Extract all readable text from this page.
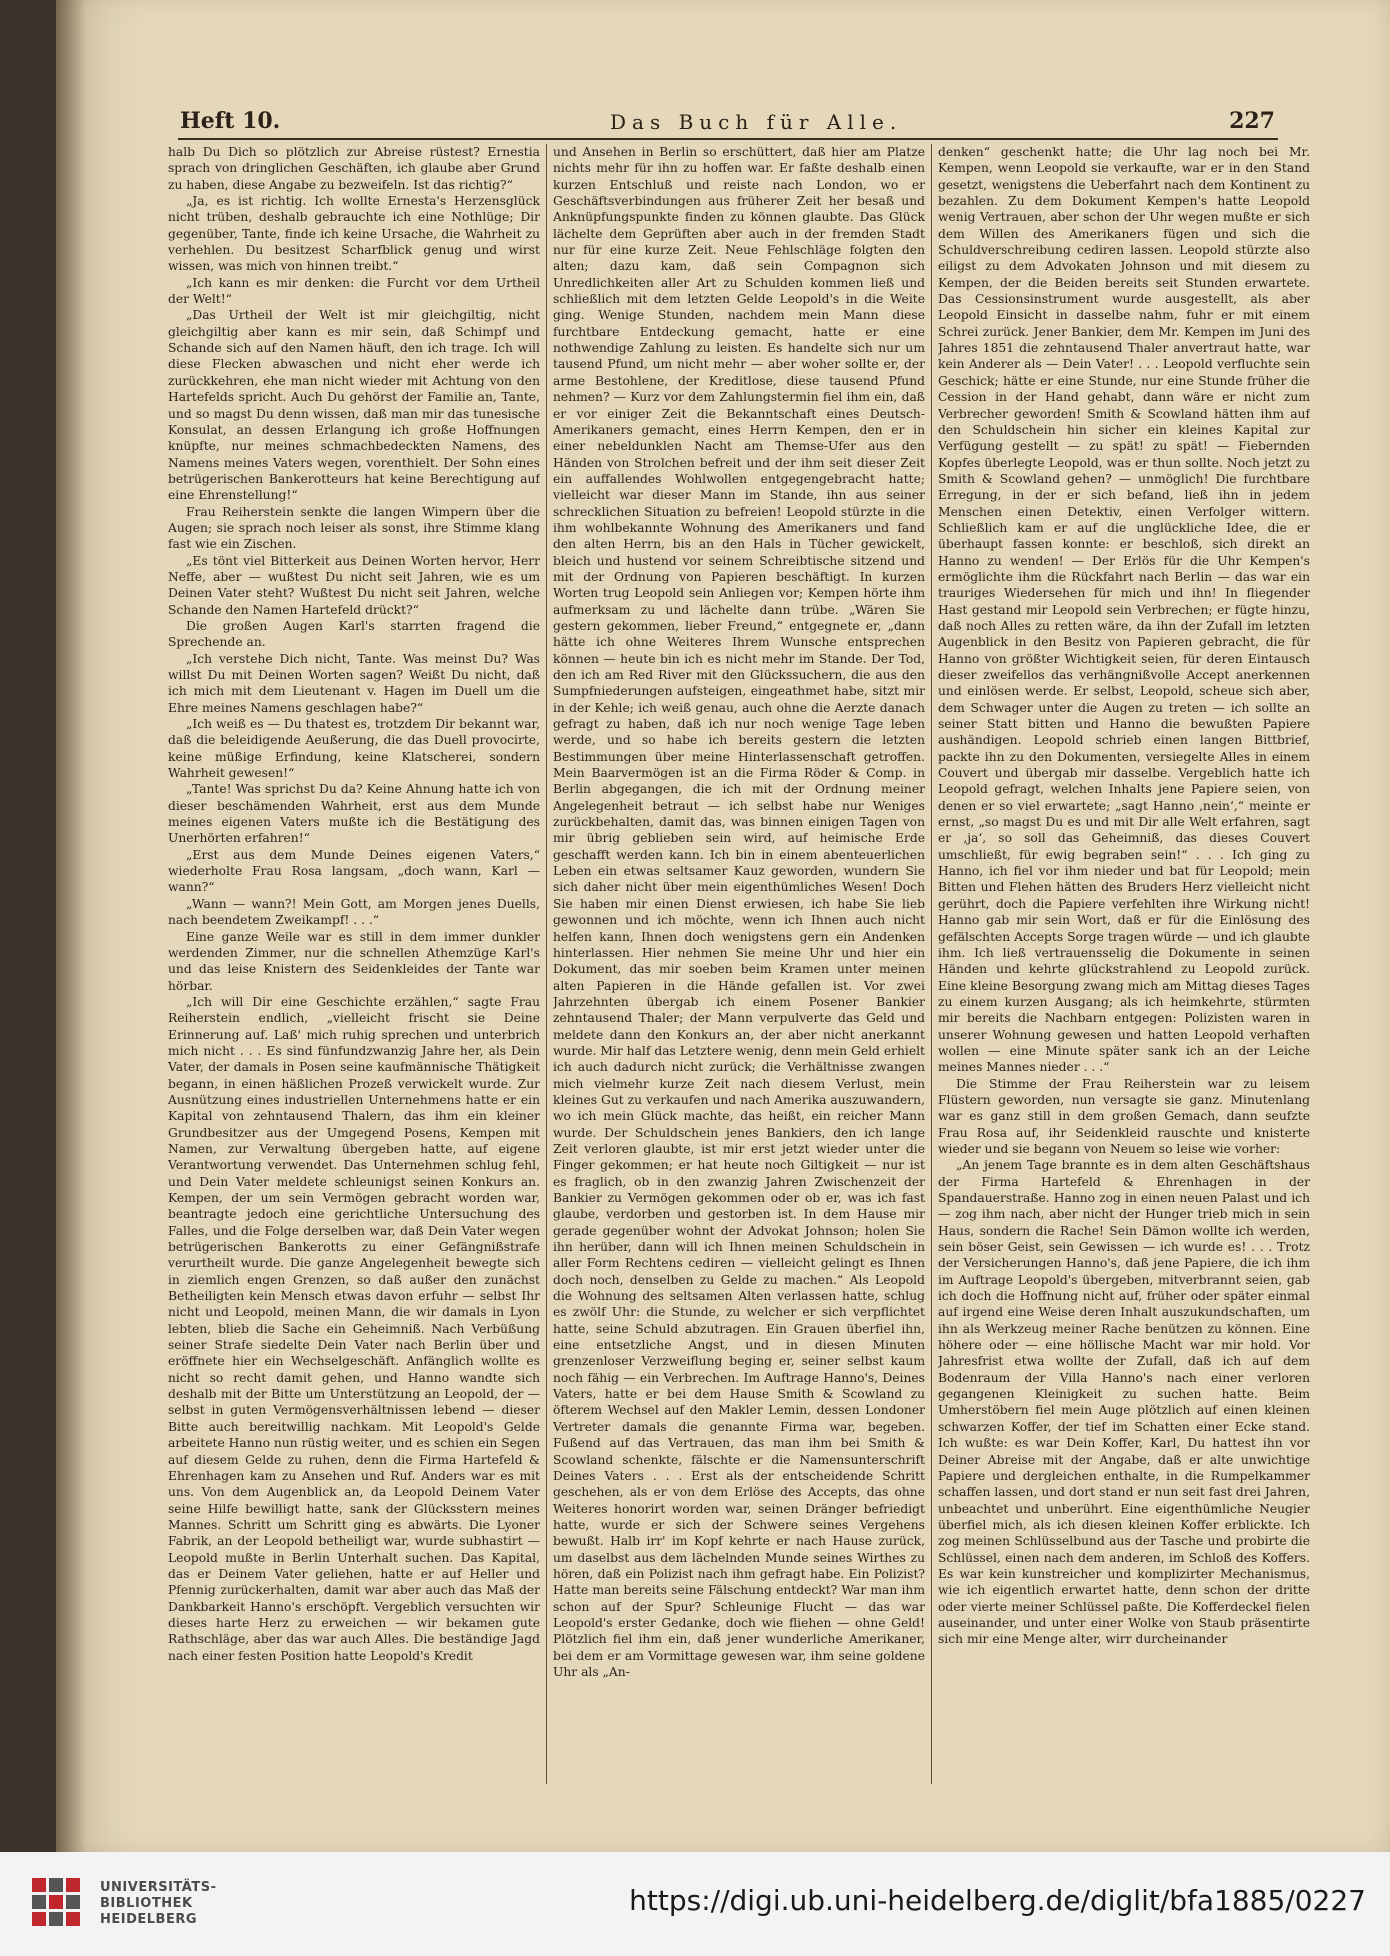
Heft 10.	Das Buch für Alle.	227

halb Du Dich so plötzlich zur Abreise rüstest? Ernestia sprach von dringlichen Geschäften, ich glaube aber Grund zu haben, diese Angabe zu bezweifeln. Ist das richtig?“

„Ja, es ist richtig. Ich wollte Ernesta's Herzensglück nicht trüben, deshalb gebrauchte ich eine Nothlüge; Dir gegenüber, Tante, finde ich keine Ursache, die Wahrheit zu verhehlen. Du besitzest Scharfblick genug und wirst wissen, was mich von hinnen treibt.“

„Ich kann es mir denken: die Furcht vor dem Urtheil der Welt!“

„Das Urtheil der Welt ist mir gleichgiltig, nicht gleichgiltig aber kann es mir sein, daß Schimpf und Schande sich auf den Namen häuft, den ich trage. Ich will diese Flecken abwaschen und nicht eher werde ich zurückkehren, ehe man nicht wieder mit Achtung von den Hartefelds spricht. Auch Du gehörst der Familie an, Tante, und so magst Du denn wissen, daß man mir das tunesische Konsulat, an dessen Erlangung ich große Hoffnungen knüpfte, nur meines schmachbedeckten Namens, des Namens meines Vaters wegen, vorenthielt. Der Sohn eines betrügerischen Bankerotteurs hat keine Berechtigung auf eine Ehrenstellung!“

Frau Reiherstein senkte die langen Wimpern über die Augen; sie sprach noch leiser als sonst, ihre Stimme klang fast wie ein Zischen.

„Es tönt viel Bitterkeit aus Deinen Worten hervor, Herr Neffe, aber — wußtest Du nicht seit Jahren, wie es um Deinen Vater steht? Wußtest Du nicht seit Jahren, welche Schande den Namen Hartefeld drückt?“

Die großen Augen Karl's starrten fragend die Sprechende an.

„Ich verstehe Dich nicht, Tante. Was meinst Du? Was willst Du mit Deinen Worten sagen? Weißt Du nicht, daß ich mich mit dem Lieutenant v. Hagen im Duell um die Ehre meines Namens geschlagen habe?“

„Ich weiß es — Du thatest es, trotzdem Dir bekannt war, daß die beleidigende Aeußerung, die das Duell provocirte, keine müßige Erfindung, keine Klatscherei, sondern Wahrheit gewesen!“

„Tante! Was sprichst Du da? Keine Ahnung hatte ich von dieser beschämenden Wahrheit, erst aus dem Munde meines eigenen Vaters mußte ich die Bestätigung des Unerhörten erfahren!“

„Erst aus dem Munde Deines eigenen Vaters,“ wiederholte Frau Rosa langsam, „doch wann, Karl — wann?“

„Wann — wann?! Mein Gott, am Morgen jenes Duells, nach beendetem Zweikampf! . . .“

Eine ganze Weile war es still in dem immer dunkler werdenden Zimmer, nur die schnellen Athemzüge Karl's und das leise Knistern des Seidenkleides der Tante war hörbar.

„Ich will Dir eine Geschichte erzählen,“ sagte Frau Reiherstein endlich, „vielleicht frischt sie Deine Erinnerung auf. Laß' mich ruhig sprechen und unterbrich mich nicht . . . Es sind fünfundzwanzig Jahre her, als Dein Vater, der damals in Posen seine kaufmännische Thätigkeit begann, in einen häßlichen Prozeß verwickelt wurde. Zur Ausnützung eines industriellen Unternehmens hatte er ein Kapital von zehntausend Thalern, das ihm ein kleiner Grundbesitzer aus der Umgegend Posens, Kempen mit Namen, zur Verwaltung übergeben hatte, auf eigene Verantwortung verwendet. Das Unternehmen schlug fehl, und Dein Vater meldete schleunigst seinen Konkurs an. Kempen, der um sein Vermögen gebracht worden war, beantragte jedoch eine gerichtliche Untersuchung des Falles, und die Folge derselben war, daß Dein Vater wegen betrügerischen Bankerotts zu einer Gefängnißstrafe verurtheilt wurde. Die ganze Angelegenheit bewegte sich in ziemlich engen Grenzen, so daß außer den zunächst Betheiligten kein Mensch etwas davon erfuhr — selbst Ihr nicht und Leopold, meinen Mann, die wir damals in Lyon lebten, blieb die Sache ein Geheimniß. Nach Verbüßung seiner Strafe siedelte Dein Vater nach Berlin über und eröffnete hier ein Wechselgeschäft. Anfänglich wollte es nicht so recht damit gehen, und Hanno wandte sich deshalb mit der Bitte um Unterstützung an Leopold, der — selbst in guten Vermögensverhältnissen lebend — dieser Bitte auch bereitwillig nachkam. Mit Leopold's Gelde arbeitete Hanno nun rüstig weiter, und es schien ein Segen auf diesem Gelde zu ruhen, denn die Firma Hartefeld & Ehrenhagen kam zu Ansehen und Ruf. Anders war es mit uns. Von dem Augenblick an, da Leopold Deinem Vater seine Hilfe bewilligt hatte, sank der Glücksstern meines Mannes. Schritt um Schritt ging es abwärts. Die Lyoner Fabrik, an der Leopold betheiligt war, wurde subhastirt — Leopold mußte in Berlin Unterhalt suchen. Das Kapital, das er Deinem Vater geliehen, hatte er auf Heller und Pfennig zurückerhalten, damit war aber auch das Maß der Dankbarkeit Hanno's erschöpft. Vergeblich versuchten wir dieses harte Herz zu erweichen — wir bekamen gute Rathschläge, aber das war auch Alles. Die beständige Jagd nach einer festen Position hatte Leopold's Kredit

und Ansehen in Berlin so erschüttert, daß hier am Platze nichts mehr für ihn zu hoffen war. Er faßte deshalb einen kurzen Entschluß und reiste nach London, wo er Geschäftsverbindungen aus früherer Zeit her besaß und Anknüpfungspunkte finden zu können glaubte. Das Glück lächelte dem Geprüften aber auch in der fremden Stadt nur für eine kurze Zeit. Neue Fehlschläge folgten den alten; dazu kam, daß sein Compagnon sich Unredlichkeiten aller Art zu Schulden kommen ließ und schließlich mit dem letzten Gelde Leopold's in die Weite ging. Wenige Stunden, nachdem mein Mann diese furchtbare Entdeckung gemacht, hatte er eine nothwendige Zahlung zu leisten. Es handelte sich nur um tausend Pfund, um nicht mehr — aber woher sollte er, der arme Bestohlene, der Kreditlose, diese tausend Pfund nehmen? — Kurz vor dem Zahlungstermin fiel ihm ein, daß er vor einiger Zeit die Bekanntschaft eines Deutsch-Amerikaners gemacht, eines Herrn Kempen, den er in einer nebeldunklen Nacht am Themse-Ufer aus den Händen von Strolchen befreit und der ihm seit dieser Zeit ein auffallendes Wohlwollen entgegengebracht hatte; vielleicht war dieser Mann im Stande, ihn aus seiner schrecklichen Situation zu befreien! Leopold stürzte in die ihm wohlbekannte Wohnung des Amerikaners und fand den alten Herrn, bis an den Hals in Tücher gewickelt, bleich und hustend vor seinem Schreibtische sitzend und mit der Ordnung von Papieren beschäftigt. In kurzen Worten trug Leopold sein Anliegen vor; Kempen hörte ihm aufmerksam zu und lächelte dann trübe. „Wären Sie gestern gekommen, lieber Freund,“ entgegnete er, „dann hätte ich ohne Weiteres Ihrem Wunsche entsprechen können — heute bin ich es nicht mehr im Stande. Der Tod, den ich am Red River mit den Glückssuchern, die aus den Sumpfniederungen aufsteigen, eingeathmet habe, sitzt mir in der Kehle; ich weiß genau, auch ohne die Aerzte danach gefragt zu haben, daß ich nur noch wenige Tage leben werde, und so habe ich bereits gestern die letzten Bestimmungen über meine Hinterlassenschaft getroffen. Mein Baarvermögen ist an die Firma Röder & Comp. in Berlin abgegangen, die ich mit der Ordnung meiner Angelegenheit betraut — ich selbst habe nur Weniges zurückbehalten, damit das, was binnen einigen Tagen von mir übrig geblieben sein wird, auf heimische Erde geschafft werden kann. Ich bin in einem abenteuerlichen Leben ein etwas seltsamer Kauz geworden, wundern Sie sich daher nicht über mein eigenthümliches Wesen! Doch Sie haben mir einen Dienst erwiesen, ich habe Sie lieb gewonnen und ich möchte, wenn ich Ihnen auch nicht helfen kann, Ihnen doch wenigstens gern ein Andenken hinterlassen. Hier nehmen Sie meine Uhr und hier ein Dokument, das mir soeben beim Kramen unter meinen alten Papieren in die Hände gefallen ist. Vor zwei Jahrzehnten übergab ich einem Posener Bankier zehntausend Thaler; der Mann verpulverte das Geld und meldete dann den Konkurs an, der aber nicht anerkannt wurde. Mir half das Letztere wenig, denn mein Geld erhielt ich auch dadurch nicht zurück; die Verhältnisse zwangen mich vielmehr kurze Zeit nach diesem Verlust, mein kleines Gut zu verkaufen und nach Amerika auszuwandern, wo ich mein Glück machte, das heißt, ein reicher Mann wurde. Der Schuldschein jenes Bankiers, den ich lange Zeit verloren glaubte, ist mir erst jetzt wieder unter die Finger gekommen; er hat heute noch Giltigkeit — nur ist es fraglich, ob in den zwanzig Jahren Zwischenzeit der Bankier zu Vermögen gekommen oder ob er, was ich fast glaube, verdorben und gestorben ist. In dem Hause mir gerade gegenüber wohnt der Advokat Johnson; holen Sie ihn herüber, dann will ich Ihnen meinen Schuldschein in aller Form Rechtens cediren — vielleicht gelingt es Ihnen doch noch, denselben zu Gelde zu machen.“ Als Leopold die Wohnung des seltsamen Alten verlassen hatte, schlug es zwölf Uhr: die Stunde, zu welcher er sich verpflichtet hatte, seine Schuld abzutragen. Ein Grauen überfiel ihn, eine entsetzliche Angst, und in diesen Minuten grenzenloser Verzweiflung beging er, seiner selbst kaum noch fähig — ein Verbrechen. Im Auftrage Hanno's, Deines Vaters, hatte er bei dem Hause Smith & Scowland zu öfterem Wechsel auf den Makler Lemin, dessen Londoner Vertreter damals die genannte Firma war, begeben. Fußend auf das Vertrauen, das man ihm bei Smith & Scowland schenkte, fälschte er die Namensunterschrift Deines Vaters . . . Erst als der entscheidende Schritt geschehen, als er von dem Erlöse des Accepts, das ohne Weiteres honorirt worden war, seinen Dränger befriedigt hatte, wurde er sich der Schwere seines Vergehens bewußt. Halb irr' im Kopf kehrte er nach Hause zurück, um daselbst aus dem lächelnden Munde seines Wirthes zu hören, daß ein Polizist nach ihm gefragt habe. Ein Polizist? Hatte man bereits seine Fälschung entdeckt? War man ihm schon auf der Spur? Schleunige Flucht — das war Leopold's erster Gedanke, doch wie fliehen — ohne Geld! Plötzlich fiel ihm ein, daß jener wunderliche Amerikaner, bei dem er am Vormittage gewesen war, ihm seine goldene Uhr als „An-

denken“ geschenkt hatte; die Uhr lag noch bei Mr. Kempen, wenn Leopold sie verkaufte, war er in den Stand gesetzt, wenigstens die Ueberfahrt nach dem Kontinent zu bezahlen. Zu dem Dokument Kempen's hatte Leopold wenig Vertrauen, aber schon der Uhr wegen mußte er sich dem Willen des Amerikaners fügen und sich die Schuldverschreibung cediren lassen. Leopold stürzte also eiligst zu dem Advokaten Johnson und mit diesem zu Kempen, der die Beiden bereits seit Stunden erwartete. Das Cessionsinstrument wurde ausgestellt, als aber Leopold Einsicht in dasselbe nahm, fuhr er mit einem Schrei zurück. Jener Bankier, dem Mr. Kempen im Juni des Jahres 1851 die zehntausend Thaler anvertraut hatte, war kein Anderer als — Dein Vater! . . . Leopold verfluchte sein Geschick; hätte er eine Stunde, nur eine Stunde früher die Cession in der Hand gehabt, dann wäre er nicht zum Verbrecher geworden! Smith & Scowland hätten ihm auf den Schuldschein hin sicher ein kleines Kapital zur Verfügung gestellt — zu spät! zu spät! — Fiebernden Kopfes überlegte Leopold, was er thun sollte. Noch jetzt zu Smith & Scowland gehen? — unmöglich! Die furchtbare Erregung, in der er sich befand, ließ ihn in jedem Menschen einen Detektiv, einen Verfolger wittern. Schließlich kam er auf die unglückliche Idee, die er überhaupt fassen konnte: er beschloß, sich direkt an Hanno zu wenden! — Der Erlös für die Uhr Kempen's ermöglichte ihm die Rückfahrt nach Berlin — das war ein trauriges Wiedersehen für mich und ihn! In fliegender Hast gestand mir Leopold sein Verbrechen; er fügte hinzu, daß noch Alles zu retten wäre, da ihn der Zufall im letzten Augenblick in den Besitz von Papieren gebracht, die für Hanno von größter Wichtigkeit seien, für deren Eintausch dieser zweifellos das verhängnißvolle Accept anerkennen und einlösen werde. Er selbst, Leopold, scheue sich aber, dem Schwager unter die Augen zu treten — ich sollte an seiner Statt bitten und Hanno die bewußten Papiere aushändigen. Leopold schrieb einen langen Bittbrief, packte ihn zu den Dokumenten, versiegelte Alles in einem Couvert und übergab mir dasselbe. Vergeblich hatte ich Leopold gefragt, welchen Inhalts jene Papiere seien, von denen er so viel erwartete; „sagt Hanno ‚nein‘,“ meinte er ernst, „so magst Du es und mit Dir alle Welt erfahren, sagt er ‚ja‘, so soll das Geheimniß, das dieses Couvert umschließt, für ewig begraben sein!“ . . . Ich ging zu Hanno, ich fiel vor ihm nieder und bat für Leopold; mein Bitten und Flehen hätten des Bruders Herz vielleicht nicht gerührt, doch die Papiere verfehlten ihre Wirkung nicht! Hanno gab mir sein Wort, daß er für die Einlösung des gefälschten Accepts Sorge tragen würde — und ich glaubte ihm. Ich ließ vertrauensselig die Dokumente in seinen Händen und kehrte glückstrahlend zu Leopold zurück. Eine kleine Besorgung zwang mich am Mittag dieses Tages zu einem kurzen Ausgang; als ich heimkehrte, stürmten mir bereits die Nachbarn entgegen: Polizisten waren in unserer Wohnung gewesen und hatten Leopold verhaften wollen — eine Minute später sank ich an der Leiche meines Mannes nieder . . .“

Die Stimme der Frau Reiherstein war zu leisem Flüstern geworden, nun versagte sie ganz. Minutenlang war es ganz still in dem großen Gemach, dann seufzte Frau Rosa auf, ihr Seidenkleid rauschte und knisterte wieder und sie begann von Neuem so leise wie vorher:

„An jenem Tage brannte es in dem alten Geschäftshaus der Firma Hartefeld & Ehrenhagen in der Spandauerstraße. Hanno zog in einen neuen Palast und ich — zog ihm nach, aber nicht der Hunger trieb mich in sein Haus, sondern die Rache! Sein Dämon wollte ich werden, sein böser Geist, sein Gewissen — ich wurde es! . . . Trotz der Versicherungen Hanno's, daß jene Papiere, die ich ihm im Auftrage Leopold's übergeben, mitverbrannt seien, gab ich doch die Hoffnung nicht auf, früher oder später einmal auf irgend eine Weise deren Inhalt auszukundschaften, um ihn als Werkzeug meiner Rache benützen zu können. Eine höhere oder — eine höllische Macht war mir hold. Vor Jahresfrist etwa wollte der Zufall, daß ich auf dem Bodenraum der Villa Hanno's nach einer verloren gegangenen Kleinigkeit zu suchen hatte. Beim Umherstöbern fiel mein Auge plötzlich auf einen kleinen schwarzen Koffer, der tief im Schatten einer Ecke stand. Ich wußte: es war Dein Koffer, Karl, Du hattest ihn vor Deiner Abreise mit der Angabe, daß er alte unwichtige Papiere und dergleichen enthalte, in die Rumpelkammer schaffen lassen, und dort stand er nun seit fast drei Jahren, unbeachtet und unberührt. Eine eigenthümliche Neugier überfiel mich, als ich diesen kleinen Koffer erblickte. Ich zog meinen Schlüsselbund aus der Tasche und probirte die Schlüssel, einen nach dem anderen, im Schloß des Koffers. Es war kein kunstreicher und komplizirter Mechanismus, wie ich eigentlich erwartet hatte, denn schon der dritte oder vierte meiner Schlüssel paßte. Die Kofferdeckel fielen auseinander, und unter einer Wolke von Staub präsentirte sich mir eine Menge alter, wirr durcheinander

UNIVERSITÄTS-
BIBLIOTHEK
HEIDELBERG
https://digi.ub.uni-heidelberg.de/diglit/bfa1885/0227
